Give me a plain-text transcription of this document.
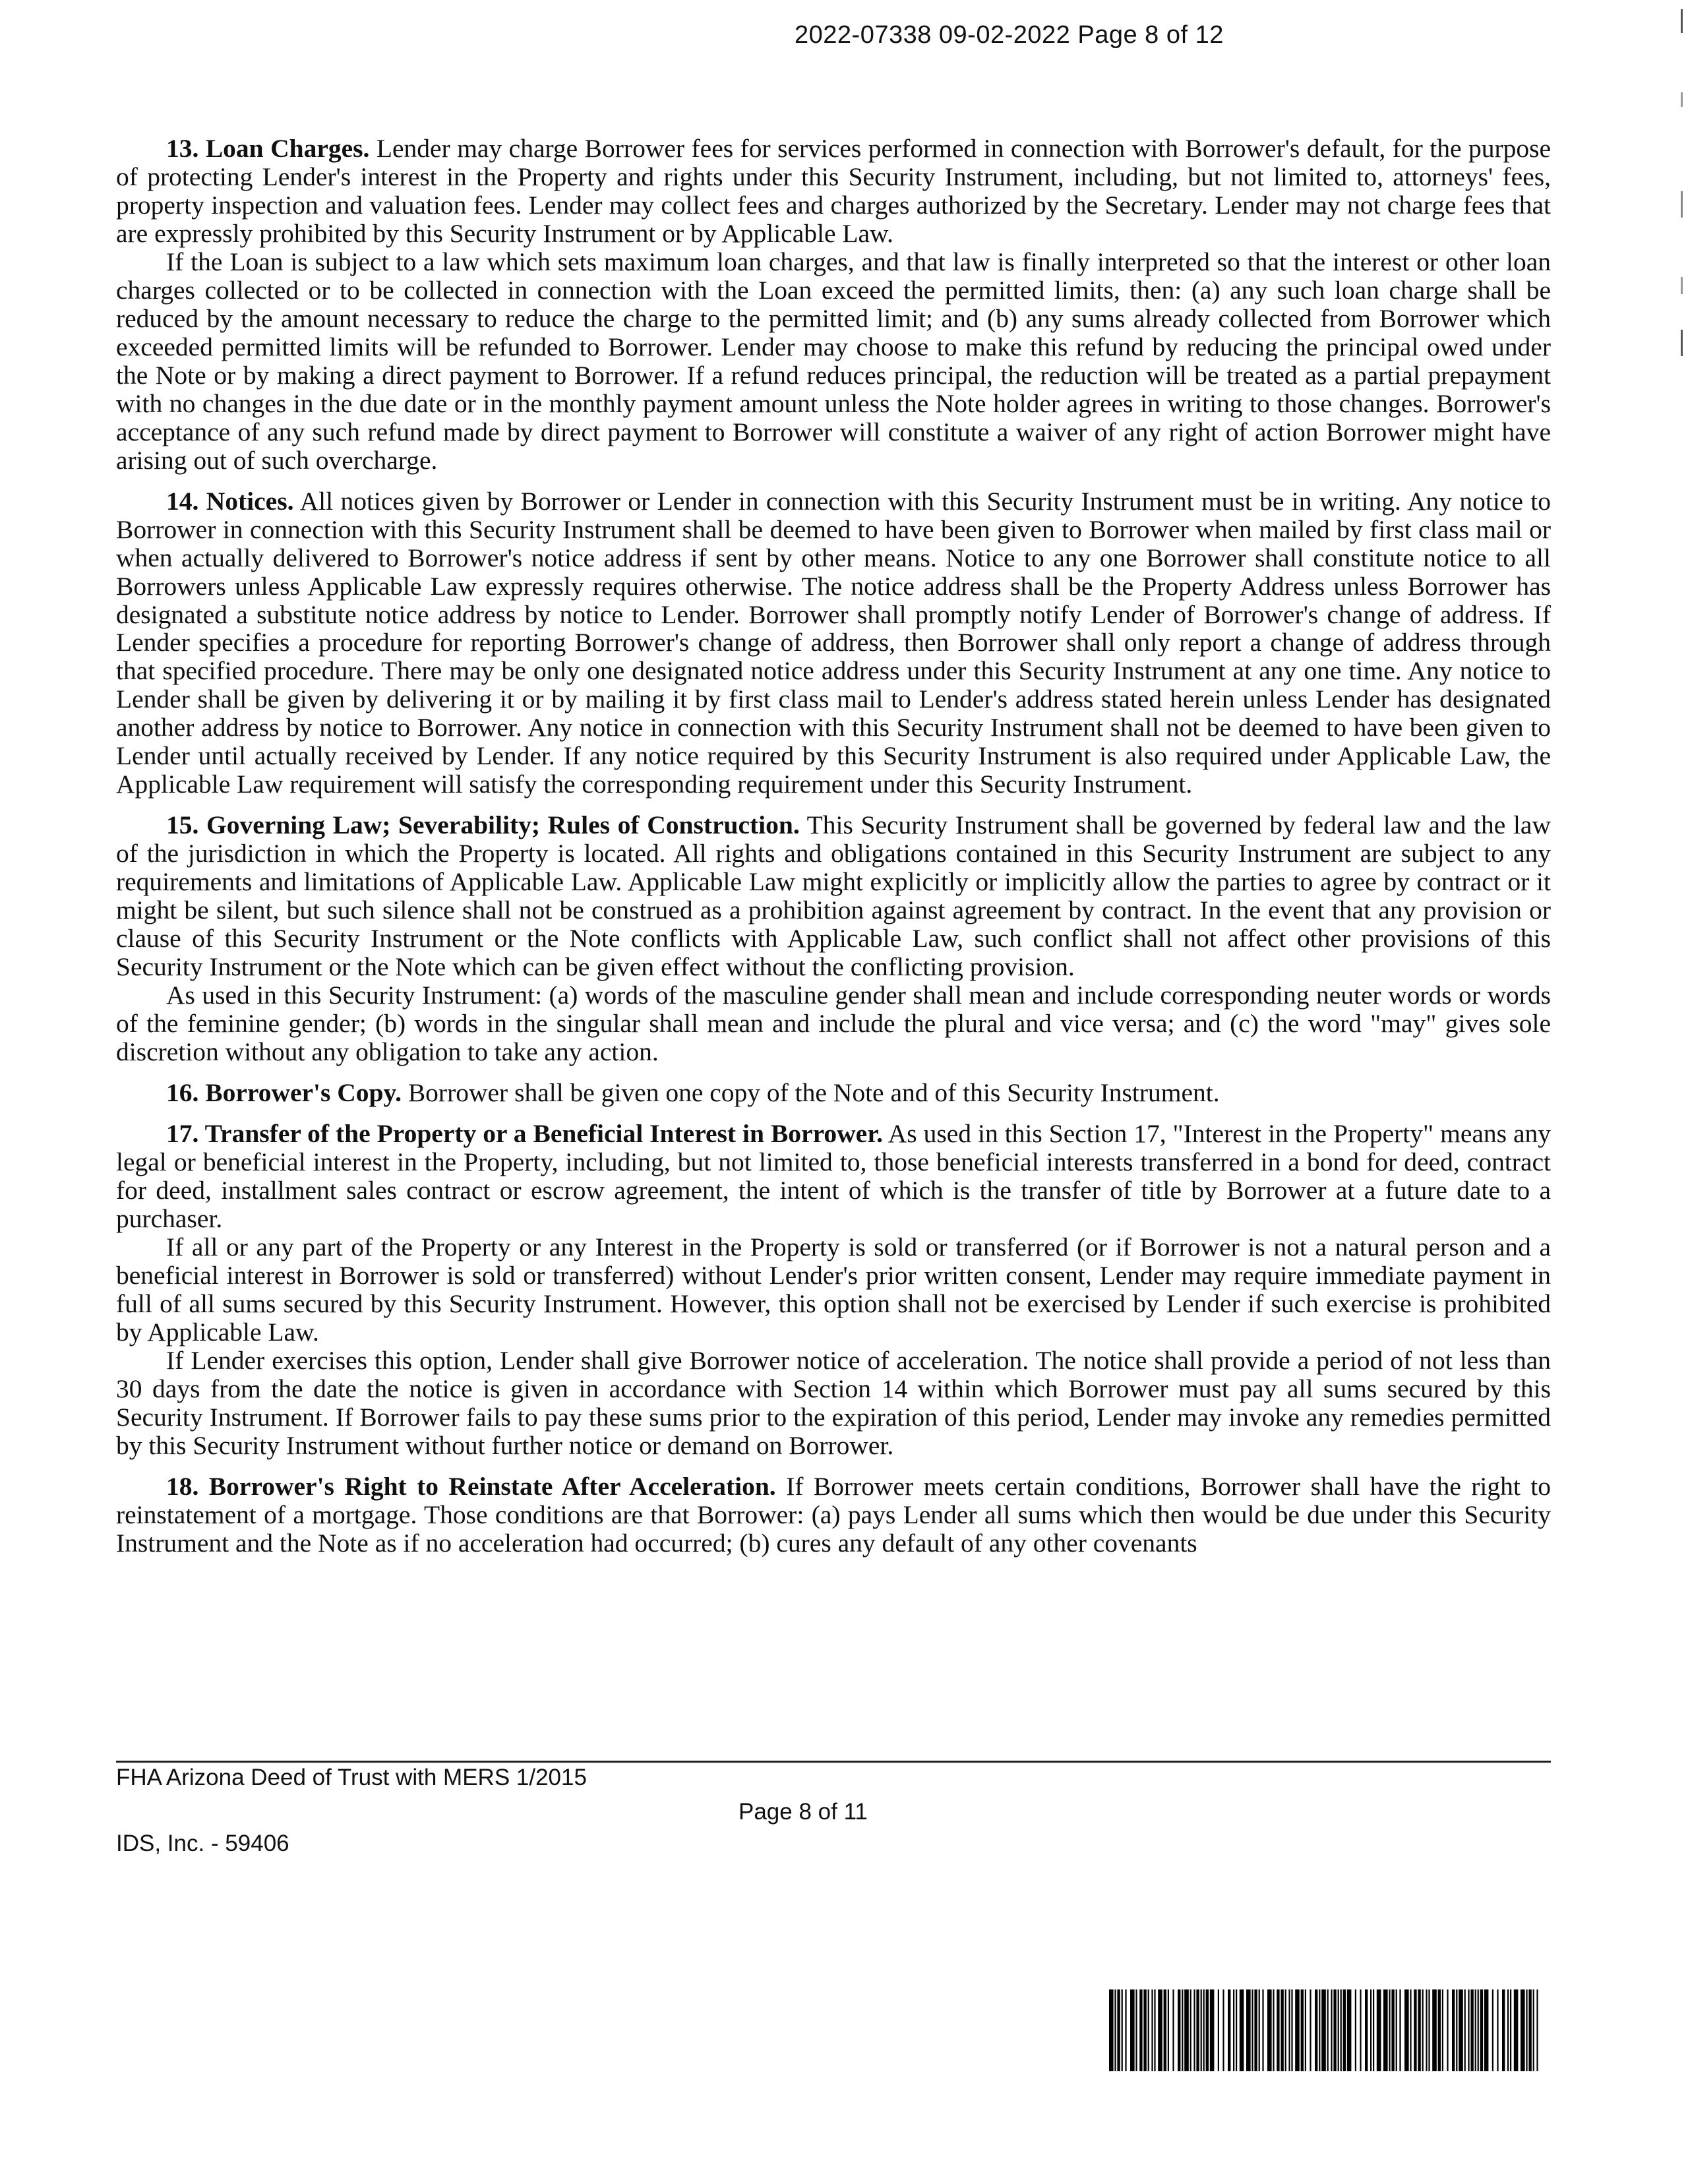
2022-07338 09-02-2022 Page 8 of 12

13. Loan Charges. Lender may charge Borrower fees for services performed in connection with Borrower's default, for the purpose of protecting Lender's interest in the Property and rights under this Security Instrument, including, but not limited to, attorneys' fees, property inspection and valuation fees. Lender may collect fees and charges authorized by the Secretary. Lender may not charge fees that are expressly prohibited by this Security Instrument or by Applicable Law.

If the Loan is subject to a law which sets maximum loan charges, and that law is finally interpreted so that the interest or other loan charges collected or to be collected in connection with the Loan exceed the permitted limits, then: (a) any such loan charge shall be reduced by the amount necessary to reduce the charge to the permitted limit; and (b) any sums already collected from Borrower which exceeded permitted limits will be refunded to Borrower. Lender may choose to make this refund by reducing the principal owed under the Note or by making a direct payment to Borrower. If a refund reduces principal, the reduction will be treated as a partial prepayment with no changes in the due date or in the monthly payment amount unless the Note holder agrees in writing to those changes. Borrower's acceptance of any such refund made by direct payment to Borrower will constitute a waiver of any right of action Borrower might have arising out of such overcharge.

14. Notices. All notices given by Borrower or Lender in connection with this Security Instrument must be in writing. Any notice to Borrower in connection with this Security Instrument shall be deemed to have been given to Borrower when mailed by first class mail or when actually delivered to Borrower's notice address if sent by other means. Notice to any one Borrower shall constitute notice to all Borrowers unless Applicable Law expressly requires otherwise. The notice address shall be the Property Address unless Borrower has designated a substitute notice address by notice to Lender. Borrower shall promptly notify Lender of Borrower's change of address. If Lender specifies a procedure for reporting Borrower's change of address, then Borrower shall only report a change of address through that specified procedure. There may be only one designated notice address under this Security Instrument at any one time. Any notice to Lender shall be given by delivering it or by mailing it by first class mail to Lender's address stated herein unless Lender has designated another address by notice to Borrower. Any notice in connection with this Security Instrument shall not be deemed to have been given to Lender until actually received by Lender. If any notice required by this Security Instrument is also required under Applicable Law, the Applicable Law requirement will satisfy the corresponding requirement under this Security Instrument.

15. Governing Law; Severability; Rules of Construction. This Security Instrument shall be governed by federal law and the law of the jurisdiction in which the Property is located. All rights and obligations contained in this Security Instrument are subject to any requirements and limitations of Applicable Law. Applicable Law might explicitly or implicitly allow the parties to agree by contract or it might be silent, but such silence shall not be construed as a prohibition against agreement by contract. In the event that any provision or clause of this Security Instrument or the Note conflicts with Applicable Law, such conflict shall not affect other provisions of this Security Instrument or the Note which can be given effect without the conflicting provision.

As used in this Security Instrument: (a) words of the masculine gender shall mean and include corresponding neuter words or words of the feminine gender; (b) words in the singular shall mean and include the plural and vice versa; and (c) the word "may" gives sole discretion without any obligation to take any action.

16. Borrower's Copy. Borrower shall be given one copy of the Note and of this Security Instrument.

17. Transfer of the Property or a Beneficial Interest in Borrower. As used in this Section 17, "Interest in the Property" means any legal or beneficial interest in the Property, including, but not limited to, those beneficial interests transferred in a bond for deed, contract for deed, installment sales contract or escrow agreement, the intent of which is the transfer of title by Borrower at a future date to a purchaser.

If all or any part of the Property or any Interest in the Property is sold or transferred (or if Borrower is not a natural person and a beneficial interest in Borrower is sold or transferred) without Lender's prior written consent, Lender may require immediate payment in full of all sums secured by this Security Instrument. However, this option shall not be exercised by Lender if such exercise is prohibited by Applicable Law.

If Lender exercises this option, Lender shall give Borrower notice of acceleration. The notice shall provide a period of not less than 30 days from the date the notice is given in accordance with Section 14 within which Borrower must pay all sums secured by this Security Instrument. If Borrower fails to pay these sums prior to the expiration of this period, Lender may invoke any remedies permitted by this Security Instrument without further notice or demand on Borrower.

18. Borrower's Right to Reinstate After Acceleration. If Borrower meets certain conditions, Borrower shall have the right to reinstatement of a mortgage. Those conditions are that Borrower: (a) pays Lender all sums which then would be due under this Security Instrument and the Note as if no acceleration had occurred; (b) cures any default of any other covenants

FHA Arizona Deed of Trust with MERS 1/2015
Page 8 of 11
IDS, Inc. - 59406
